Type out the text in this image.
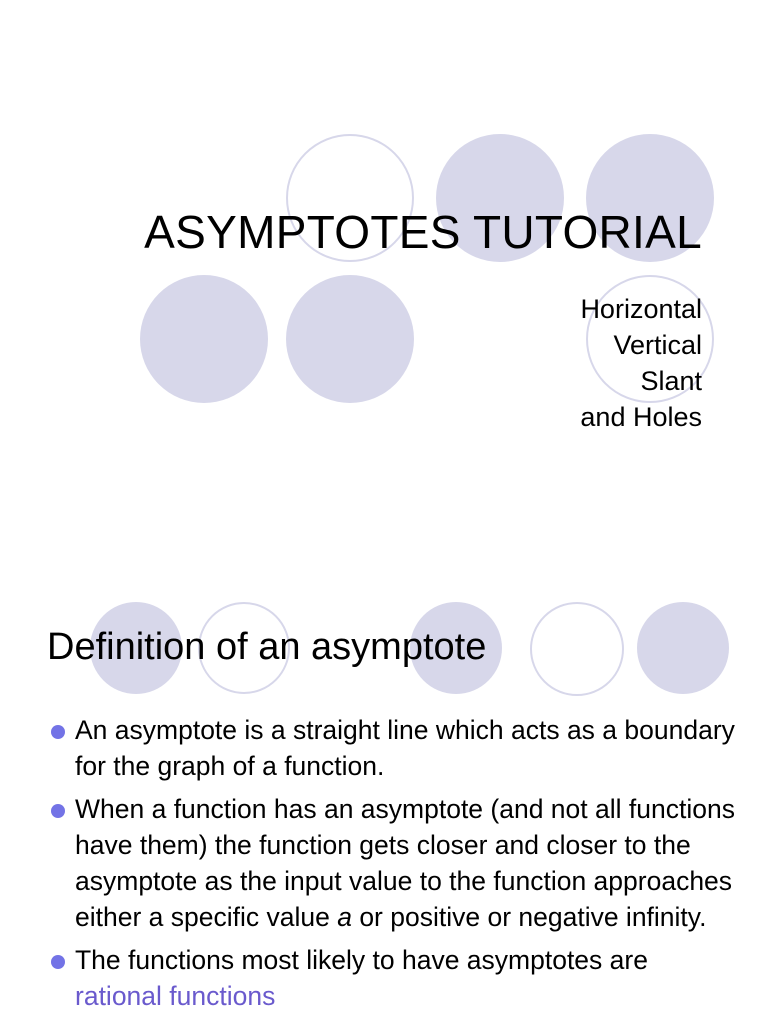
ASYMPTOTES TUTORIAL
Horizontal
Vertical
Slant
and Holes
Definition of an asymptote
An asymptote is a straight line which acts as a boundary for the graph of a function.
When a function has an asymptote (and not all functions have them) the function gets closer and closer to the asymptote as the input value to the function approaches either a specific value a or positive or negative infinity.
The functions most likely to have asymptotes are rational functions
